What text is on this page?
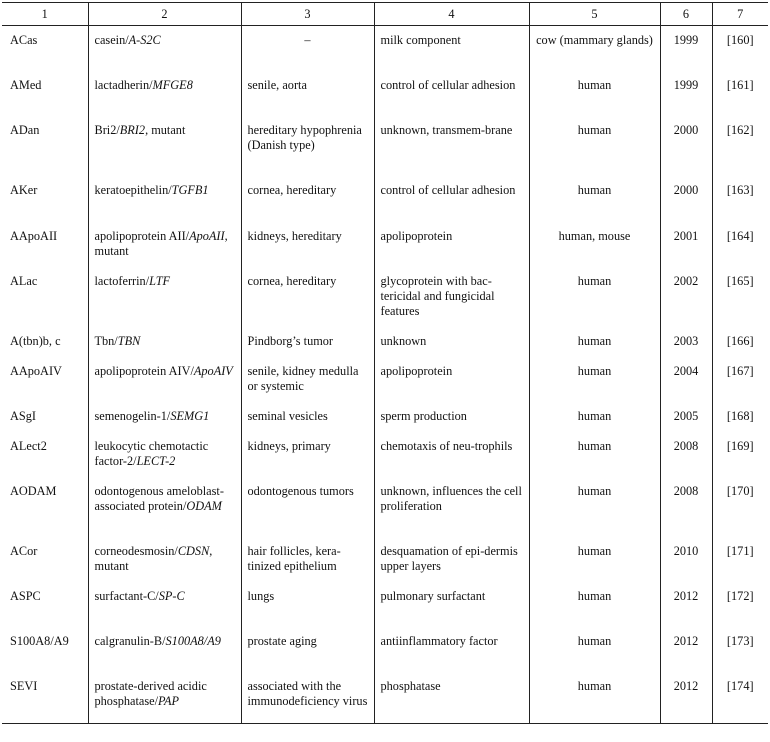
1	2	3	4	5	6	7
ACas	casein/A-S2C	–	milk component	cow (mammary glands)	1999	[160]
AMed	lactadherin/MFGE8	senile, aorta	control of cellular adhesion	human	1999	[161]
ADan	Bri2/BRI2, mutant	hereditary hypophrenia (Danish type)	unknown, transmem-brane	human	2000	[162]
AKer	keratoepithelin/TGFB1	cornea, hereditary	control of cellular adhesion	human	2000	[163]
AApoAII	apolipoprotein AII/ApoAII, mutant	kidneys, hereditary	apolipoprotein	human, mouse	2001	[164]
ALac	lactoferrin/LTF	cornea, hereditary	glycoprotein with bac-tericidal and fungicidal features	human	2002	[165]
A(tbn)b, c	Tbn/TBN	Pindborg’s tumor	unknown	human	2003	[166]
AApoAIV	apolipoprotein AIV/ApoAIV	senile, kidney medulla or systemic	apolipoprotein	human	2004	[167]
ASgI	semenogelin-1/SEMG1	seminal vesicles	sperm production	human	2005	[168]
ALect2	leukocytic chemotactic factor-2/LECT-2	kidneys, primary	chemotaxis of neu-trophils	human	2008	[169]
AODAM	odontogenous ameloblast-associated protein/ODAM	odontogenous tumors	unknown, influences the cell proliferation	human	2008	[170]
ACor	corneodesmosin/CDSN, mutant	hair follicles, kera-tinized epithelium	desquamation of epi-dermis upper layers	human	2010	[171]
ASPC	surfactant-C/SP-C	lungs	pulmonary surfactant	human	2012	[172]
S100A8/A9	calgranulin-B/S100A8/A9	prostate aging	antiinflammatory factor	human	2012	[173]
SEVI	prostate-derived acidic phosphatase/PAP	associated with the immunodeficiency virus	phosphatase	human	2012	[174]
